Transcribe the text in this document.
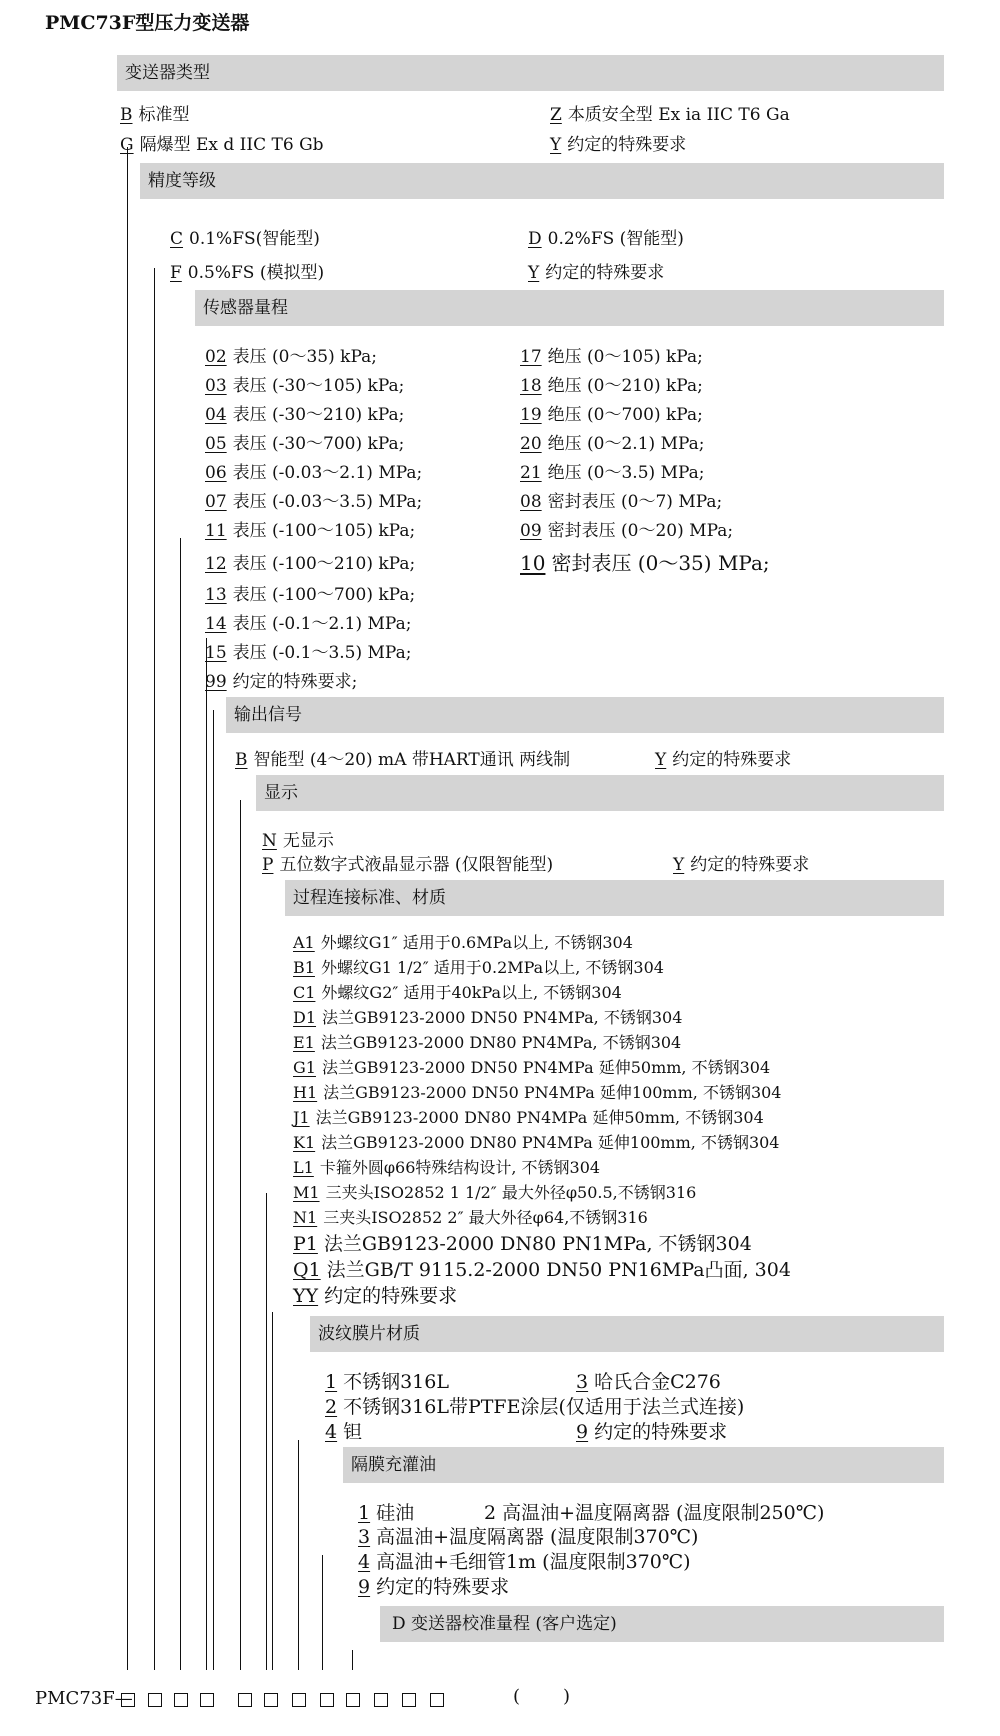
PMC73F型压力变送器
变送器类型
B 标准型	Z 本质安全型 Ex ia IIC T6 Ga
G 隔爆型 Ex d IIC T6 Gb	Y 约定的特殊要求
精度等级
C 0.1%FS(智能型)	D 0.2%FS (智能型)
F 0.5%FS (模拟型)	Y 约定的特殊要求
传感器量程
02 表压 (0～35) kPa;	17 绝压 (0～105) kPa;
03 表压 (-30～105) kPa;	18 绝压 (0～210) kPa;
04 表压 (-30～210) kPa;	19 绝压 (0～700) kPa;
05 表压 (-30～700) kPa;	20 绝压 (0～2.1) MPa;
06 表压 (-0.03～2.1) MPa;	21 绝压 (0～3.5) MPa;
07 表压 (-0.03～3.5) MPa;	08 密封表压 (0～7) MPa;
11 表压 (-100～105) kPa;	09 密封表压 (0～20) MPa;
12 表压 (-100～210) kPa;	10 密封表压 (0～35) MPa;
13 表压 (-100～700) kPa;
14 表压 (-0.1～2.1) MPa;
15 表压 (-0.1～3.5) MPa;
99 约定的特殊要求;
输出信号
B 智能型 (4～20) mA 带HART通讯 两线制	Y 约定的特殊要求
显示
N 无显示
P 五位数字式液晶显示器 (仅限智能型)	Y 约定的特殊要求
过程连接标准、材质
A1 外螺纹G1″ 适用于0.6MPa以上, 不锈钢304
B1 外螺纹G1 1/2″ 适用于0.2MPa以上, 不锈钢304
C1 外螺纹G2″ 适用于40kPa以上, 不锈钢304
D1 法兰GB9123-2000 DN50 PN4MPa, 不锈钢304
E1 法兰GB9123-2000 DN80 PN4MPa, 不锈钢304
G1 法兰GB9123-2000 DN50 PN4MPa 延伸50mm, 不锈钢304
H1 法兰GB9123-2000 DN50 PN4MPa 延伸100mm, 不锈钢304
J1 法兰GB9123-2000 DN80 PN4MPa 延伸50mm, 不锈钢304
K1 法兰GB9123-2000 DN80 PN4MPa 延伸100mm, 不锈钢304
L1 卡箍外圆φ66特殊结构设计, 不锈钢304
M1 三夹头ISO2852 1 1/2″ 最大外径φ50.5,不锈钢316
N1 三夹头ISO2852 2″ 最大外径φ64,不锈钢316
P1 法兰GB9123-2000 DN80 PN1MPa, 不锈钢304
Q1 法兰GB/T 9115.2-2000 DN50 PN16MPa凸面, 304
YY 约定的特殊要求
波纹膜片材质
1 不锈钢316L	3 哈氏合金C276
2 不锈钢316L带PTFE涂层(仅适用于法兰式连接)
4 钽	9 约定的特殊要求
隔膜充灌油
1 硅油	2 高温油+温度隔离器 (温度限制250℃)
3 高温油+温度隔离器 (温度限制370℃)
4 高温油+毛细管1m (温度限制370℃)
9 约定的特殊要求
D 变送器校准量程 (客户选定)
PMC73F—	( )
